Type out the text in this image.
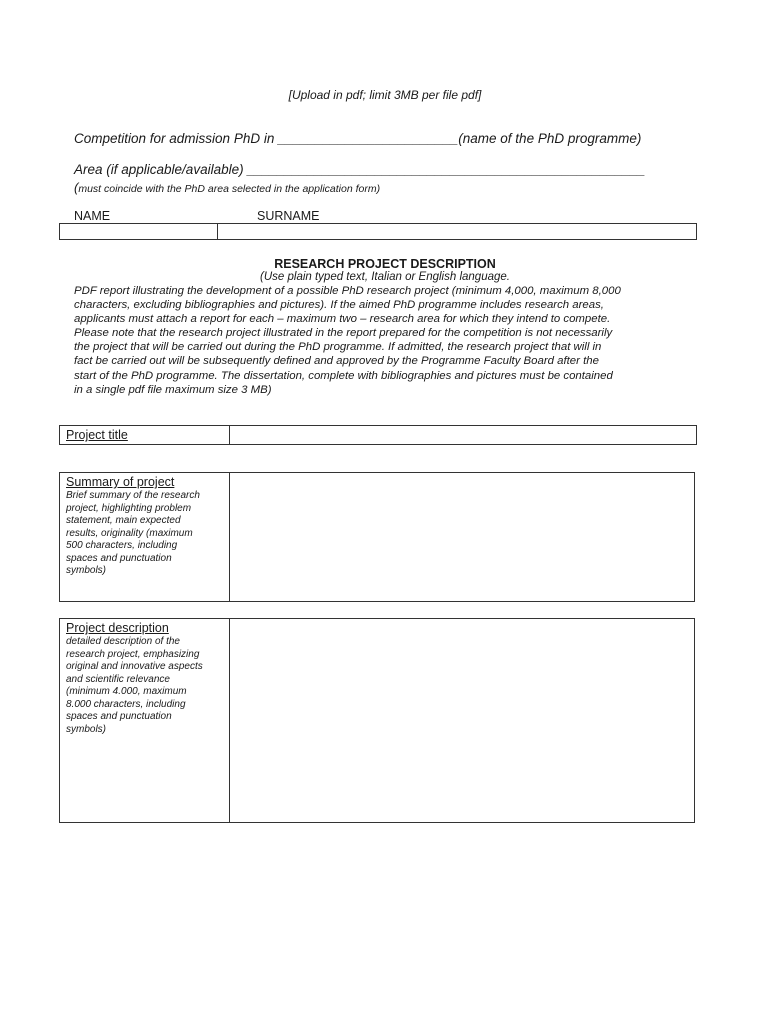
[Upload in pdf; limit 3MB per file pdf]
Competition for admission PhD in ________________________(name of the PhD programme)
Area (if applicable/available) _____________________________________________________
(must coincide with the PhD area selected in the application form)
NAME	SURNAME

RESEARCH PROJECT DESCRIPTION
(Use plain typed text, Italian or English language.
PDF report illustrating the development of a possible PhD research project (minimum 4,000, maximum 8,000
characters, excluding bibliographies and pictures). If the aimed PhD programme includes research areas,
applicants must attach a report for each – maximum two – research area for which they intend to compete.
Please note that the research project illustrated in the report prepared for the competition is not necessarily
the project that will be carried out during the PhD programme. If admitted, the research project that will in
fact be carried out will be subsequently defined and approved by the Programme Faculty Board after the
start of the PhD programme. The dissertation, complete with bibliographies and pictures must be contained
in a single pdf file maximum size 3 MB)
Project title	
Summary of project
Brief summary of the research project, highlighting problem statement, main expected results, originality (maximum 500 characters, including spaces and punctuation symbols)

Project description
detailed description of the research project, emphasizing original and innovative aspects and scientific relevance (minimum 4.000, maximum 8.000 characters, including spaces and punctuation symbols)
